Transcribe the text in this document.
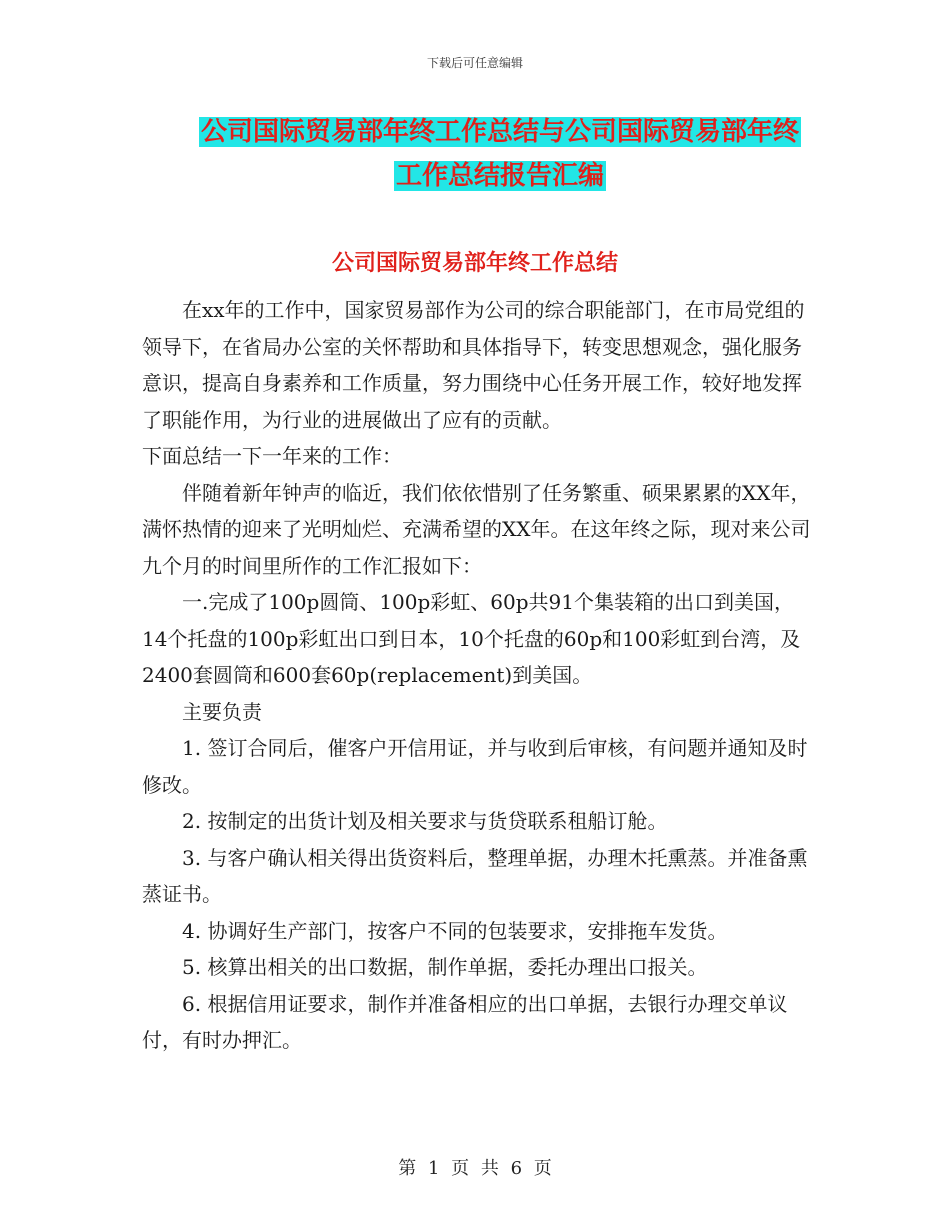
下载后可任意编辑
公司国际贸易部年终工作总结与公司国际贸易部年终
工作总结报告汇编
公司国际贸易部年终工作总结

在xx年的工作中，国家贸易部作为公司的综合职能部门，在市局党组的领导下，在省局办公室的关怀帮助和具体指导下，转变思想观念，强化服务意识，提高自身素养和工作质量，努力围绕中心任务开展工作，较好地发挥了职能作用，为行业的进展做出了应有的贡献。

下面总结一下一年来的工作：

伴随着新年钟声的临近，我们依依惜别了任务繁重、硕果累累的XX年，满怀热情的迎来了光明灿烂、充满希望的XX年。在这年终之际，现对来公司九个月的时间里所作的工作汇报如下：

一.完成了100p圆筒、100p彩虹、60p共91个集装箱的出口到美国，14个托盘的100p彩虹出口到日本，10个托盘的60p和100彩虹到台湾，及2400套圆筒和600套60p(replacement)到美国。

主要负责

1. 签订合同后，催客户开信用证，并与收到后审核，有问题并通知及时修改。

2. 按制定的出货计划及相关要求与货贷联系租船订舱。

3. 与客户确认相关得出货资料后，整理单据，办理木托熏蒸。并准备熏蒸证书。

4. 协调好生产部门，按客户不同的包装要求，安排拖车发货。

5. 核算出相关的出口数据，制作单据，委托办理出口报关。

6. 根据信用证要求，制作并准备相应的出口单据，去银行办理交单议付，有时办押汇。

第 1 页 共 6 页
